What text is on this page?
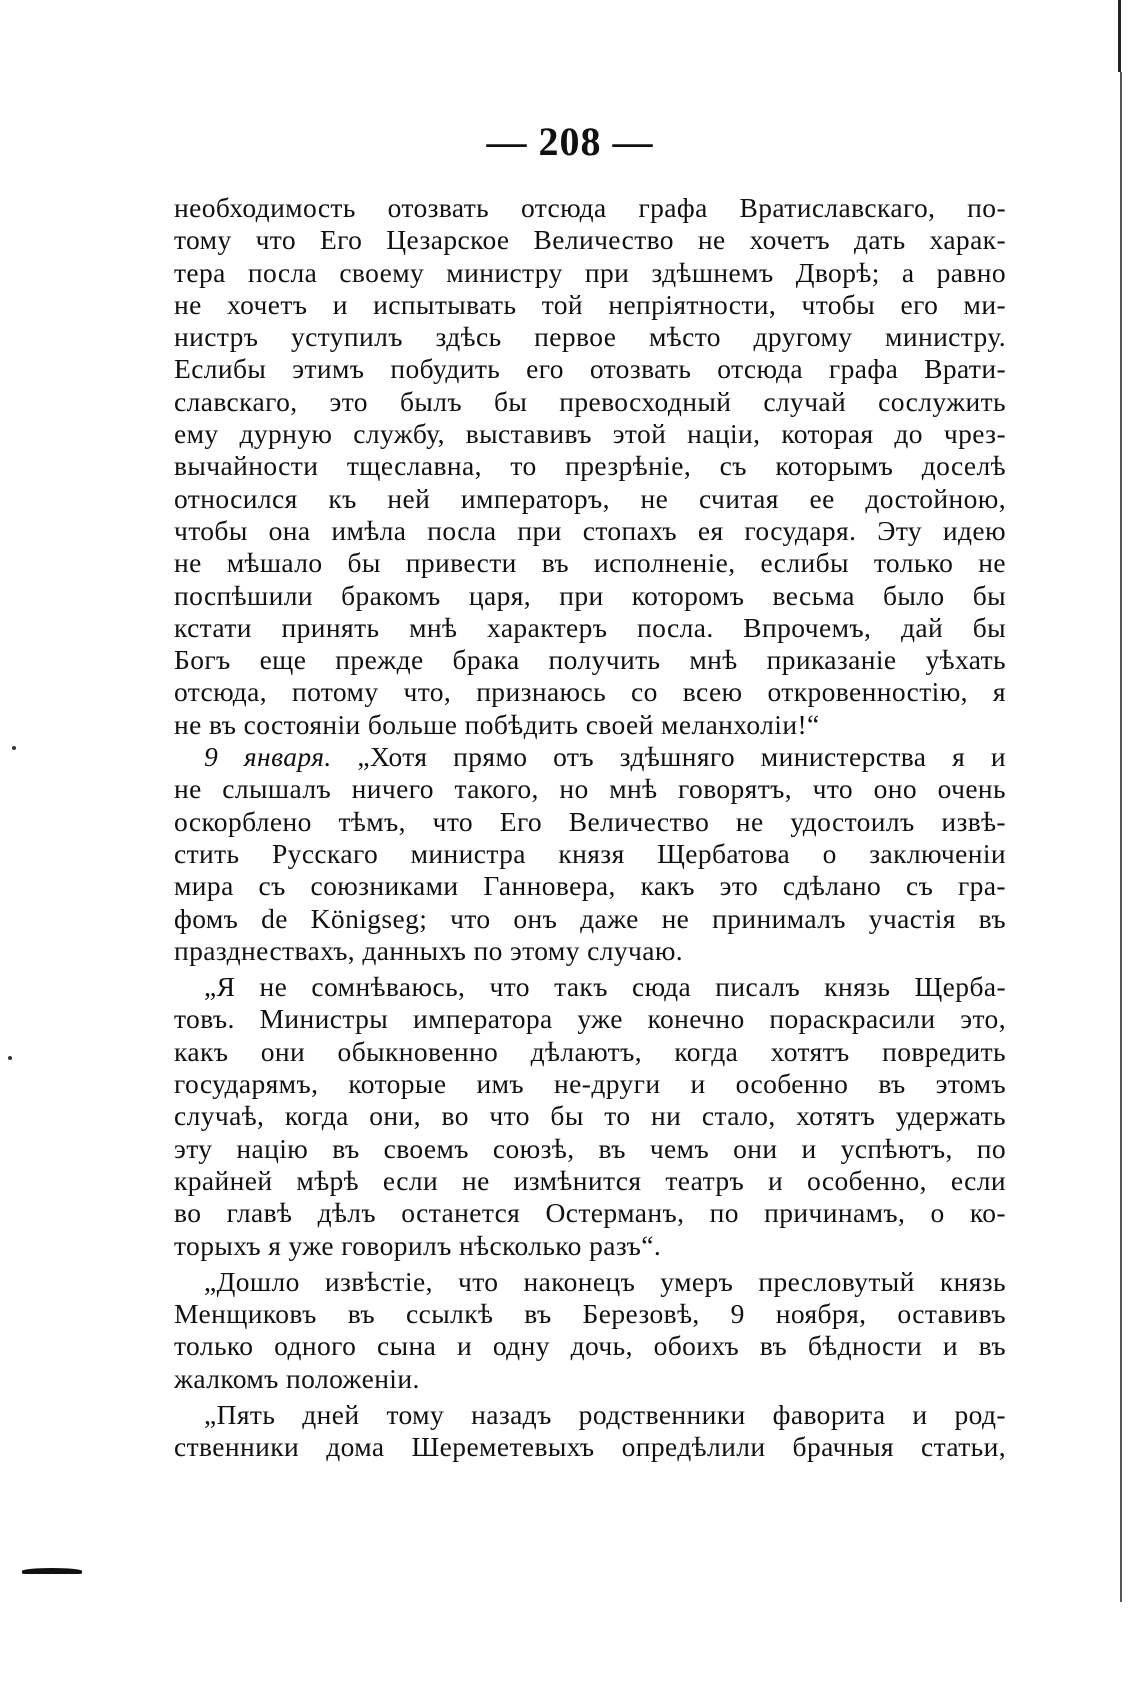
— 208 —
необходимость отозвать отсюда графа Вратиславскаго, по-
тому что Его Цезарское Величество не хочетъ дать харак-
тера посла своему министру при здѣшнемъ Дворѣ; а равно
не хочетъ и испытывать той непріятности, чтобы его ми-
нистръ уступилъ здѣсь первое мѣсто другому министру.
Еслибы этимъ побудить его отозвать отсюда графа Врати-
славскаго, это былъ бы превосходный случай сослужить
ему дурную службу, выставивъ этой націи, которая до чрез-
вычайности тщеславна, то презрѣніе, съ которымъ доселѣ
относился къ ней императоръ, не считая ее достойною,
чтобы она имѣла посла при стопахъ ея государя. Эту идею
не мѣшало бы привести въ исполненіе, еслибы только не
поспѣшили бракомъ царя, при которомъ весьма было бы
кстати принять мнѣ характеръ посла. Впрочемъ, дай бы
Богъ еще прежде брака получить мнѣ приказаніе уѣхать
отсюда, потому что, признаюсь со всею откровенностію, я
не въ состояніи больше побѣдить своей меланхоліи!“
9 января. „Хотя прямо отъ здѣшняго министерства я и
не слышалъ ничего такого, но мнѣ говорятъ, что оно очень
оскорблено тѣмъ, что Его Величество не удостоилъ извѣ-
стить Русскаго министра князя Щербатова о заключеніи
мира съ союзниками Ганновера, какъ это сдѣлано съ гра-
фомъ de Königseg; что онъ даже не принималъ участія въ
празднествахъ, данныхъ по этому случаю.
„Я не сомнѣваюсь, что такъ сюда писалъ князь Щерба-
товъ. Министры императора уже конечно пораскрасили это,
какъ они обыкновенно дѣлаютъ, когда хотятъ повредить
государямъ, которые имъ не-други и особенно въ этомъ
случаѣ, когда они, во что бы то ни стало, хотятъ удержать
эту націю въ своемъ союзѣ, въ чемъ они и успѣютъ, по
крайней мѣрѣ если не измѣнится театръ и особенно, если
во главѣ дѣлъ останется Остерманъ, по причинамъ, о ко-
торыхъ я уже говорилъ нѣсколько разъ“.
„Дошло извѣстіе, что наконецъ умеръ пресловутый князь
Менщиковъ въ ссылкѣ въ Березовѣ, 9 ноября, оставивъ
только одного сына и одну дочь, обоихъ въ бѣдности и въ
жалкомъ положеніи.
„Пять дней тому назадъ родственники фаворита и род-
ственники дома Шереметевыхъ опредѣлили брачныя статьи,
